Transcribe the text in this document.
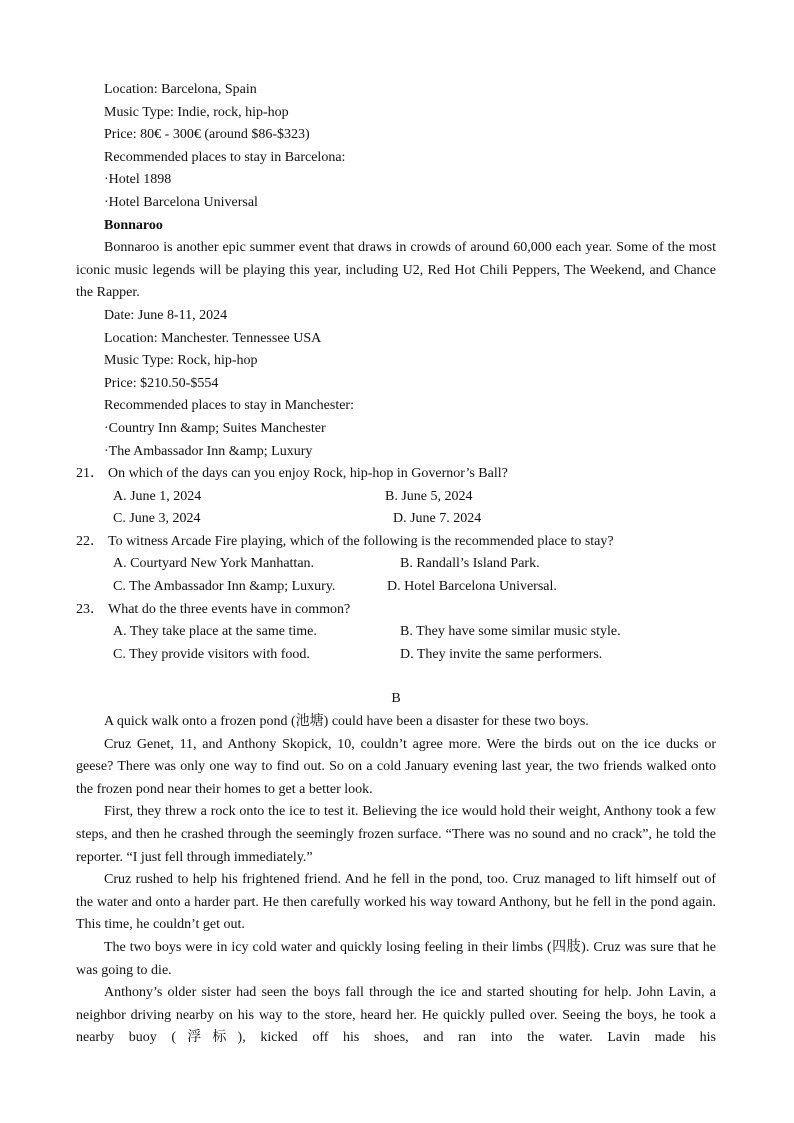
Location: Barcelona, Spain
Music Type: Indie, rock, hip-hop
Price: 80€ - 300€ (around $86-$323)
Recommended places to stay in Barcelona:
·Hotel 1898
·Hotel Barcelona Universal
Bonnaroo
Bonnaroo is another epic summer event that draws in crowds of around 60,000 each year. Some of the most iconic music legends will be playing this year, including U2, Red Hot Chili Peppers, The Weekend, and Chance the Rapper.
Date: June 8-11, 2024
Location: Manchester. Tennessee USA
Music Type: Rock, hip-hop
Price: $210.50-$554
Recommended places to stay in Manchester:
·Country Inn &amp; Suites Manchester
·The Ambassador Inn &amp; Luxury
21． On which of the days can you enjoy Rock, hip-hop in Governor’s Ball?
A. June 1, 2024	B. June 5, 2024
C. June 3, 2024	D. June 7. 2024
22． To witness Arcade Fire playing, which of the following is the recommended place to stay?
A. Courtyard New York Manhattan.	B. Randall’s Island Park.
C. The Ambassador Inn &amp; Luxury.	D. Hotel Barcelona Universal.
23． What do the three events have in common?
A. They take place at the same time.	B. They have some similar music style.
C. They provide visitors with food.	D. They invite the same performers.
B
A quick walk onto a frozen pond (池塘) could have been a disaster for these two boys.
Cruz Genet, 11, and Anthony Skopick, 10, couldn’t agree more. Were the birds out on the ice ducks or geese? There was only one way to find out. So on a cold January evening last year, the two friends walked onto the frozen pond near their homes to get a better look.
First, they threw a rock onto the ice to test it. Believing the ice would hold their weight, Anthony took a few steps, and then he crashed through the seemingly frozen surface. “There was no sound and no crack”, he told the reporter. “I just fell through immediately.”
Cruz rushed to help his frightened friend. And he fell in the pond, too. Cruz managed to lift himself out of the water and onto a harder part. He then carefully worked his way toward Anthony, but he fell in the pond again. This time, he couldn’t get out.
The two boys were in icy cold water and quickly losing feeling in their limbs (四肢). Cruz was sure that he was going to die.
Anthony’s older sister had seen the boys fall through the ice and started shouting for help. John Lavin, a neighbor driving nearby on his way to the store, heard her. He quickly pulled over. Seeing the boys, he took a nearby buoy (浮标), kicked off his shoes, and ran into the water. Lavin made his
